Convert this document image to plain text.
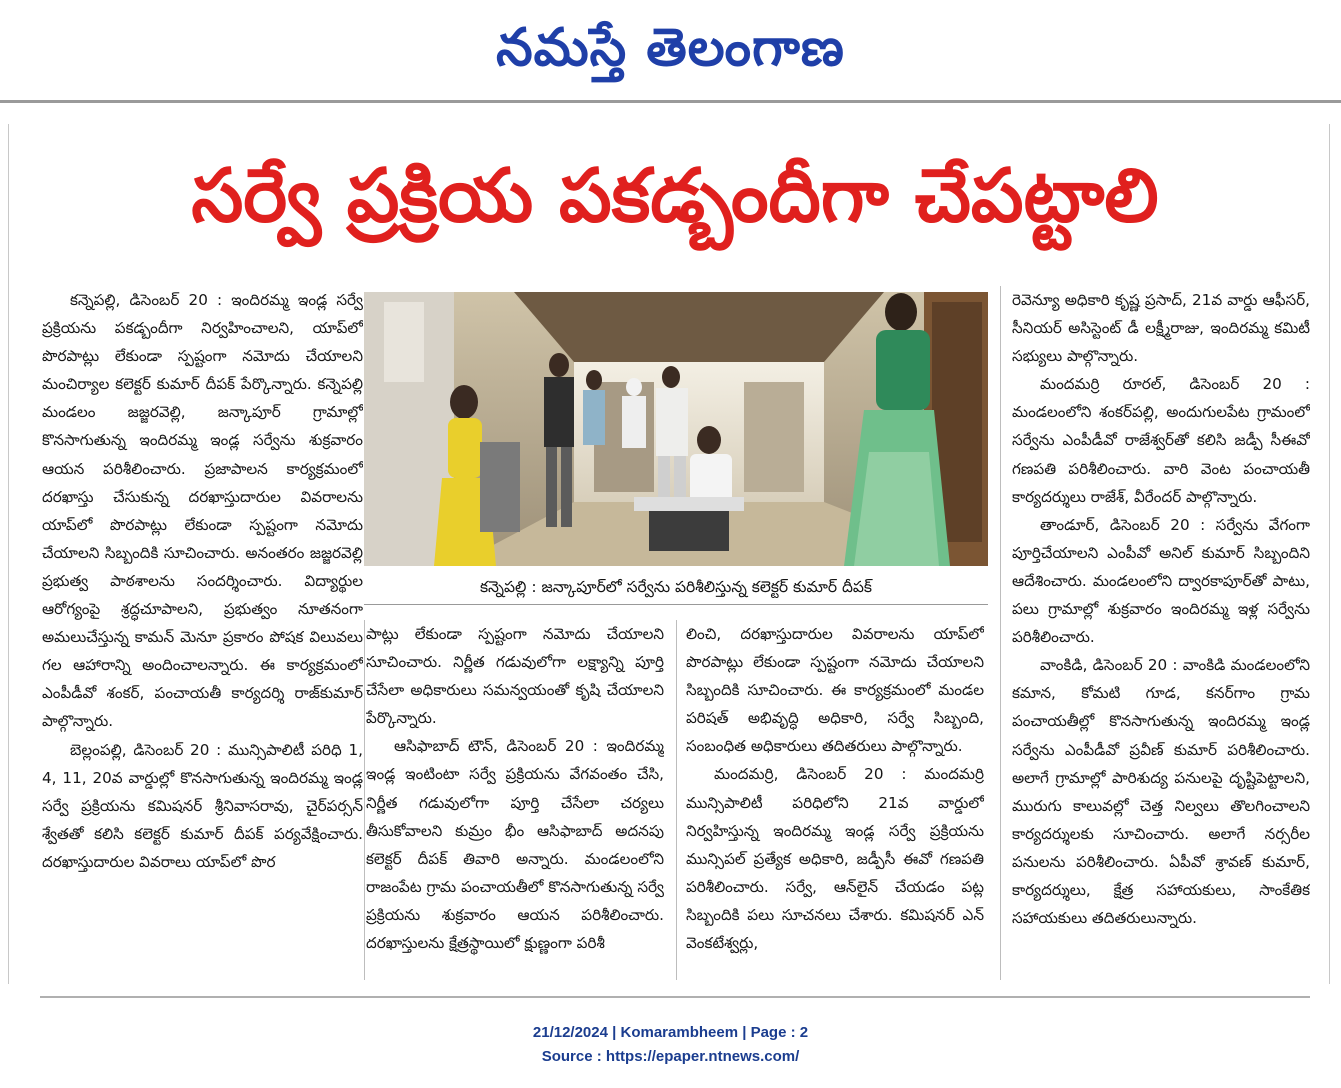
నమస్తే తెలంగాణ
సర్వే ప్రక్రియ పకడ్బందీగా చేపట్టాలి

కన్నెపల్లి, డిసెంబర్ 20 : ఇందిరమ్మ ఇండ్ల సర్వే ప్రక్రియను పకడ్బందీగా నిర్వహించాలని, యాప్‌లో పొరపాట్లు లేకుండా స్పష్టంగా నమోదు చేయాలని మంచిర్యాల కలెక్టర్ కుమార్ దీపక్ పేర్కొన్నారు. కన్నెపల్లి మండలం జజ్జరవెల్లి, జన్కాపూర్ గ్రామాల్లో కొనసాగుతున్న ఇందిరమ్మ ఇండ్ల సర్వేను శుక్రవారం ఆయన పరిశీలించారు. ప్రజాపాలన కార్యక్రమంలో దరఖాస్తు చేసుకున్న దరఖాస్తుదారుల వివరాలను యాప్‌లో పొరపాట్లు లేకుండా స్పష్టంగా నమోదు చేయాలని సిబ్బందికి సూచించారు. అనంతరం జజ్జరవెల్లి ప్రభుత్వ పాఠశాలను సందర్శించారు. విద్యార్థుల ఆరోగ్యంపై శ్రద్ధచూపాలని, ప్రభుత్వం నూతనంగా అమలుచేస్తున్న కామన్ మెనూ ప్రకారం పోషక విలువలు గల ఆహారాన్ని అందించాలన్నారు. ఈ కార్యక్రమంలో ఎంపీడీవో శంకర్, పంచాయతీ కార్యదర్శి రాజ్‌కుమార్ పాల్గొన్నారు.

బెల్లంపల్లి, డిసెంబర్ 20 : మున్సిపాలిటీ పరిధి 1, 4, 11, 20వ వార్డుల్లో కొనసాగుతున్న ఇందిరమ్మ ఇండ్ల సర్వే ప్రక్రియను కమిషనర్ శ్రీనివాసరావు, చైర్‌పర్సన్ శ్వేతతో కలిసి కలెక్టర్ కుమార్ దీపక్ పర్యవేక్షించారు. దరఖాస్తుదారుల వివరాలు యాప్‌లో పొర

కన్నెపల్లి : జన్కాపూర్‌లో సర్వేను పరిశీలిస్తున్న కలెక్టర్ కుమార్ దీపక్

పాట్లు లేకుండా స్పష్టంగా నమోదు చేయాలని సూచించారు. నిర్ణీత గడువులోగా లక్ష్యాన్ని పూర్తి చేసేలా అధికారులు సమన్వయంతో కృషి చేయాలని పేర్కొన్నారు.

ఆసిఫాబాద్ టౌన్, డిసెంబర్ 20 : ఇందిరమ్మ ఇండ్ల ఇంటింటా సర్వే ప్రక్రియను వేగవంతం చేసి, నిర్ణీత గడువులోగా పూర్తి చేసేలా చర్యలు తీసుకోవాలని కుమ్రం భీం ఆసిఫాబాద్ అదనపు కలెక్టర్ దీపక్ తివారి అన్నారు. మండలంలోని రాజంపేట గ్రామ పంచాయతీలో కొనసాగుతున్న సర్వే ప్రక్రియను శుక్రవారం ఆయన పరిశీలించారు. దరఖాస్తులను క్షేత్రస్థాయిలో క్షుణ్ణంగా పరిశీ

లించి, దరఖాస్తుదారుల వివరాలను యాప్‌లో పొరపాట్లు లేకుండా స్పష్టంగా నమోదు చేయాలని సిబ్బందికి సూచించారు. ఈ కార్యక్రమంలో మండల పరిషత్ అభివృద్ధి అధికారి, సర్వే సిబ్బంది, సంబంధిత అధికారులు తదితరులు పాల్గొన్నారు.

మందమర్రి, డిసెంబర్ 20 : మందమర్రి మున్సిపాలిటీ పరిధిలోని 21వ వార్డులో నిర్వహిస్తున్న ఇందిరమ్మ ఇండ్ల సర్వే ప్రక్రియను మున్సిపల్ ప్రత్యేక అధికారి, జడ్పీసీ ఈవో గణపతి పరిశీలించారు. సర్వే, ఆన్‌లైన్ చేయడం పట్ల సిబ్బందికి పలు సూచనలు చేశారు. కమిషనర్ ఎన్ వెంకటేశ్వర్లు,

రెవెన్యూ అధికారి కృష్ణ ప్రసాద్, 21వ వార్డు ఆఫీసర్, సీనియర్ అసిస్టెంట్ డీ లక్ష్మీరాజు, ఇందిరమ్మ కమిటీ సభ్యులు పాల్గొన్నారు.

మందమర్రి రూరల్, డిసెంబర్ 20 : మండలంలోని శంకర్‌పల్లి, అందుగులపేట గ్రామంలో సర్వేను ఎంపీడీవో రాజేశ్వర్‌తో కలిసి జడ్పీ సీఈవో గణపతి పరిశీలించారు. వారి వెంట పంచాయతీ కార్యదర్శులు రాజేశ్, వీరేందర్ పాల్గొన్నారు.

తాండూర్, డిసెంబర్ 20 : సర్వేను వేగంగా పూర్తిచేయాలని ఎంపీవో అనిల్ కుమార్ సిబ్బందిని ఆదేశించారు. మండలంలోని ద్వారకాపూర్‌తో పాటు, పలు గ్రామాల్లో శుక్రవారం ఇందిరమ్మ ఇళ్ల సర్వేను పరిశీలించారు.

వాంకిడి, డిసెంబర్ 20 : వాంకిడి మండలంలోని కమాన, కోమటి గూడ, కనర్‌గాం గ్రామ పంచాయతీల్లో కొనసాగుతున్న ఇందిరమ్మ ఇండ్ల సర్వేను ఎంపీడీవో ప్రవీణ్ కుమార్ పరిశీలించారు. అలాగే గ్రామాల్లో పారిశుద్య పనులపై దృష్టిపెట్టాలని, మురుగు కాలువల్లో చెత్త నిల్వలు తొలగించాలని కార్యదర్శులకు సూచించారు. అలాగే నర్సరీల పనులను పరిశీలించారు. ఏపీవో శ్రావణ్ కుమార్, కార్యదర్శులు, క్షేత్ర సహాయకులు, సాంకేతిక సహాయకులు తదితరులున్నారు.

21/12/2024 | Komarambheem | Page : 2
Source : https://epaper.ntnews.com/
